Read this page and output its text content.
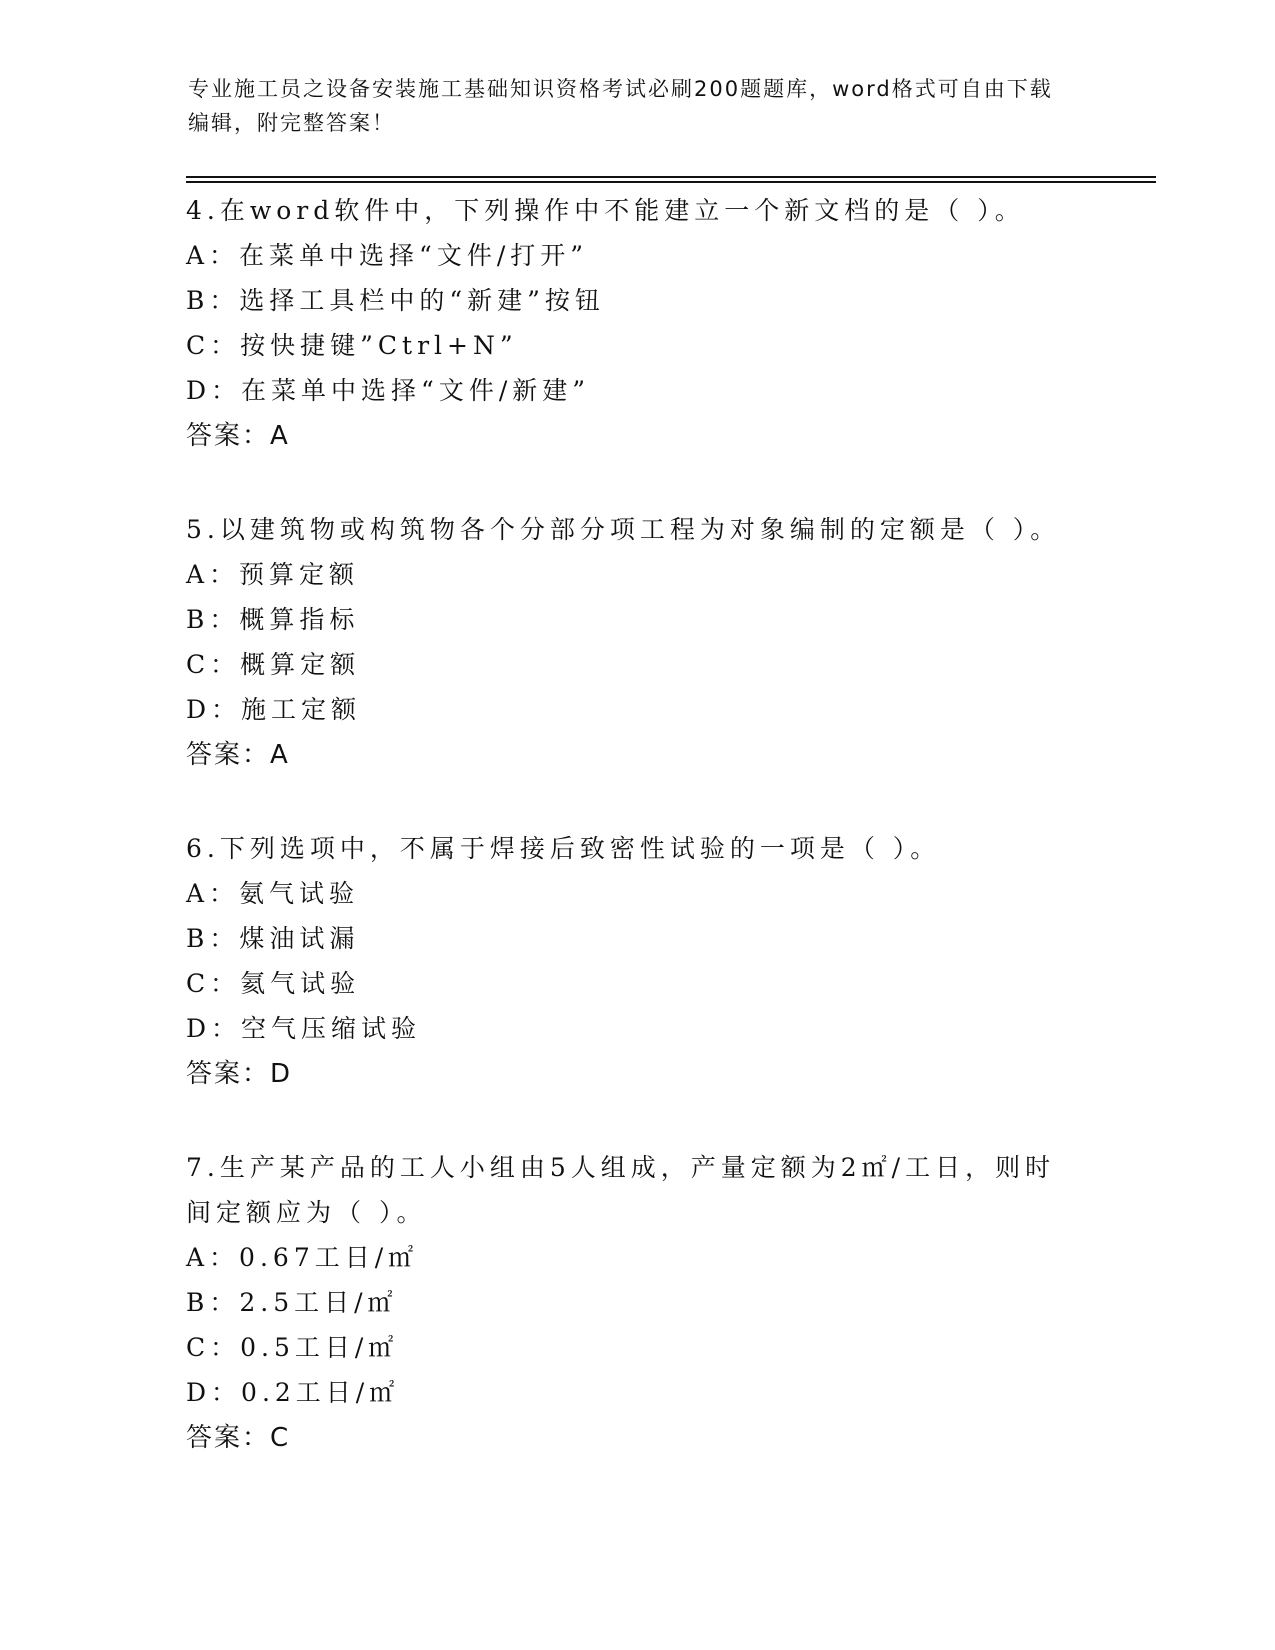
专业施工员之设备安装施工基础知识资格考试必刷200题题库，word格式可自由下载编辑，附完整答案！
4.在word软件中，下列操作中不能建立一个新文档的是（ ）。
A：在菜单中选择“文件/打开”
B：选择工具栏中的“新建”按钮
C：按快捷键”Ctrl+N”
D：在菜单中选择“文件/新建”
答案：A
5.以建筑物或构筑物各个分部分项工程为对象编制的定额是（ ）。
A：预算定额
B：概算指标
C：概算定额
D：施工定额
答案：A
6.下列选项中，不属于焊接后致密性试验的一项是（ ）。
A：氨气试验
B：煤油试漏
C：氦气试验
D：空气压缩试验
答案：D
7.生产某产品的工人小组由5人组成，产量定额为2㎡/工日，则时间定额应为（ ）。
A：0.67工日/㎡
B：2.5工日/㎡
C：0.5工日/㎡
D：0.2工日/㎡
答案：C
